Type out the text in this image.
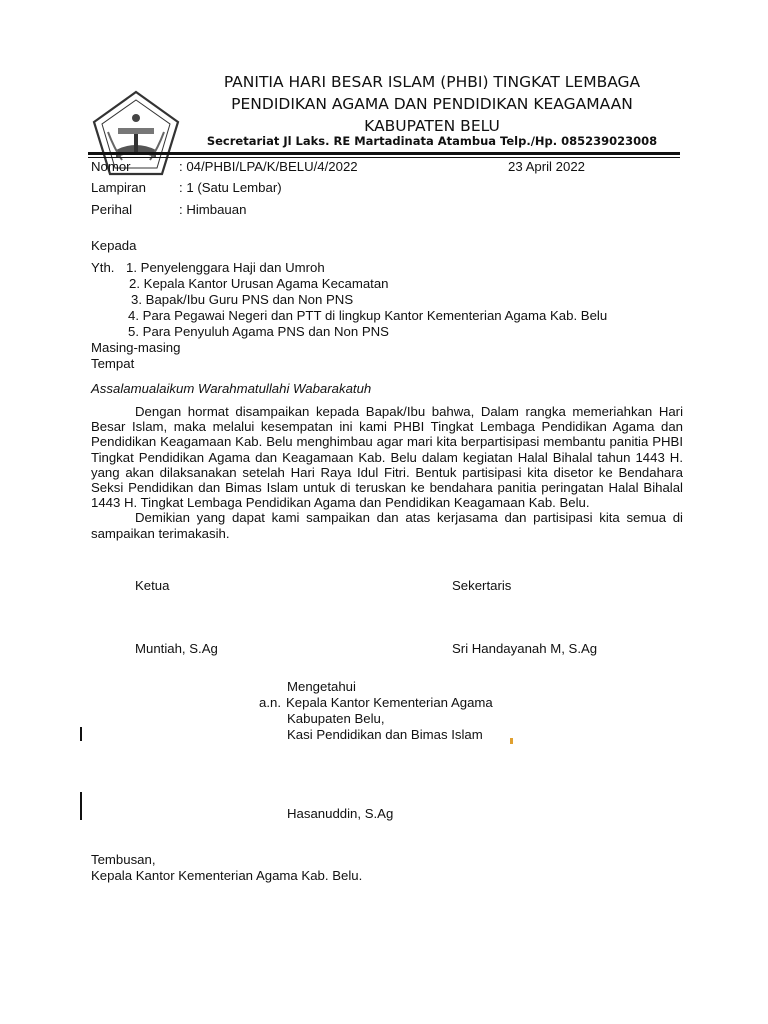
PANITIA HARI BESAR ISLAM (PHBI) TINGKAT LEMBAGA
PENDIDIKAN AGAMA DAN PENDIDIKAN KEAGAMAAN
KABUPATEN BELU
Secretariat Jl Laks. RE Martadinata Atambua Telp./Hp. 085239023008
Nomor	: 04/PHBI/LPA/K/BELU/4/2022	23 April 2022
Lampiran	: 1 (Satu Lembar)
Perihal	: Himbauan
Kepada
Yth. 1. Penyelenggara Haji dan Umroh
2. Kepala Kantor Urusan Agama Kecamatan
3. Bapak/Ibu Guru PNS dan Non PNS
4. Para Pegawai Negeri dan PTT di lingkup Kantor Kementerian Agama Kab. Belu
5. Para Penyuluh Agama PNS dan Non PNS
Masing-masing
Tempat
Assalamualaikum Warahmatullahi Wabarakatuh

Dengan hormat disampaikan kepada Bapak/Ibu bahwa, Dalam rangka memeriahkan Hari Besar Islam, maka melalui kesempatan ini kami PHBI Tingkat Lembaga Pendidikan Agama dan Pendidikan Keagamaan Kab. Belu menghimbau agar mari kita berpartisipasi membantu panitia PHBI Tingkat Pendidikan Agama dan Keagamaan Kab. Belu dalam kegiatan Halal Bihalal tahun 1443 H. yang akan dilaksanakan setelah Hari Raya Idul Fitri. Bentuk partisipasi kita disetor ke Bendahara Seksi Pendidikan dan Bimas Islam untuk di teruskan ke bendahara panitia peringatan Halal Bihalal 1443 H. Tingkat Lembaga Pendidikan Agama dan Pendidikan Keagamaan Kab. Belu.

Demikian yang dapat kami sampaikan dan atas kerjasama dan partisipasi kita semua di sampaikan terimakasih.

Ketua	Sekertaris
Muntiah, S.Ag	Sri Handayanah M, S.Ag
Mengetahui
a.n. Kepala Kantor Kementerian Agama
Kabupaten Belu,
Kasi Pendidikan dan Bimas Islam
Hasanuddin, S.Ag
Tembusan,
Kepala Kantor Kementerian Agama Kab. Belu.
